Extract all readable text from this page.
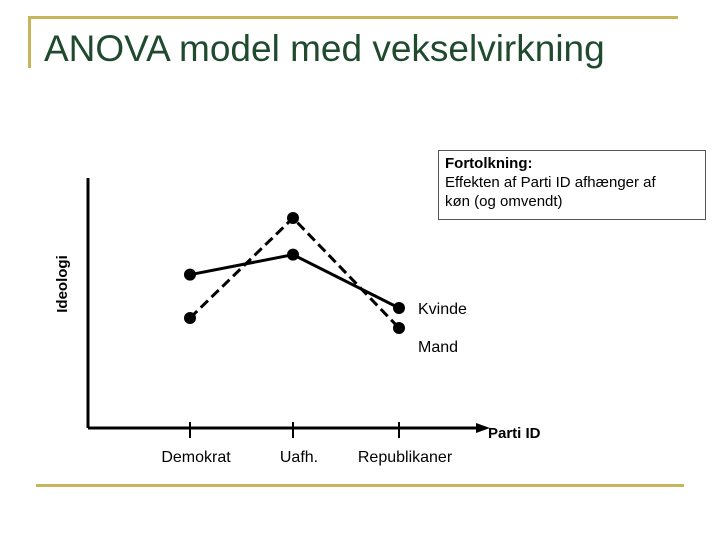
ANOVA model med vekselvirkning
Demokrat	Uafh. Republikaner
Ideologi
Parti ID
Kvinde
Mand
Fortolkning:
Effekten af Parti ID afhænger af
køn (og omvendt)
